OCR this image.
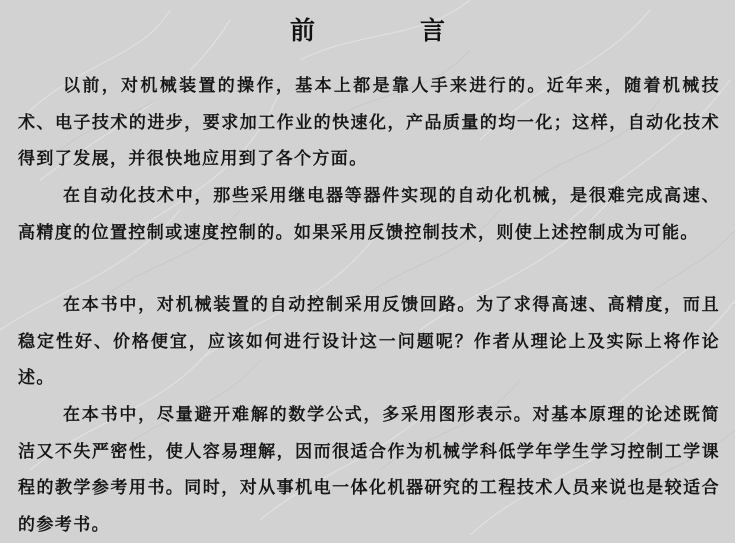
前　言

以前，对机械装置的操作，基本上都是靠人手来进行的。近年来，随着机械技术、电子技术的进步，要求加工作业的快速化，产品质量的均一化；这样，自动化技术得到了发展，并很快地应用到了各个方面。

在自动化技术中，那些采用继电器等器件实现的自动化机械，是很难完成高速、高精度的位置控制或速度控制的。如果采用反馈控制技术，则使上述控制成为可能。

在本书中，对机械装置的自动控制采用反馈回路。为了求得高速、高精度，而且稳定性好、价格便宜，应该如何进行设计这一问题呢？作者从理论上及实际上将作论述。

在本书中，尽量避开难解的数学公式，多采用图形表示。对基本原理的论述既简洁又不失严密性，使人容易理解，因而很适合作为机械学科低学年学生学习控制工学课程的教学参考用书。同时，对从事机电一体化机器研究的工程技术人员来说也是较适合的参考书。
